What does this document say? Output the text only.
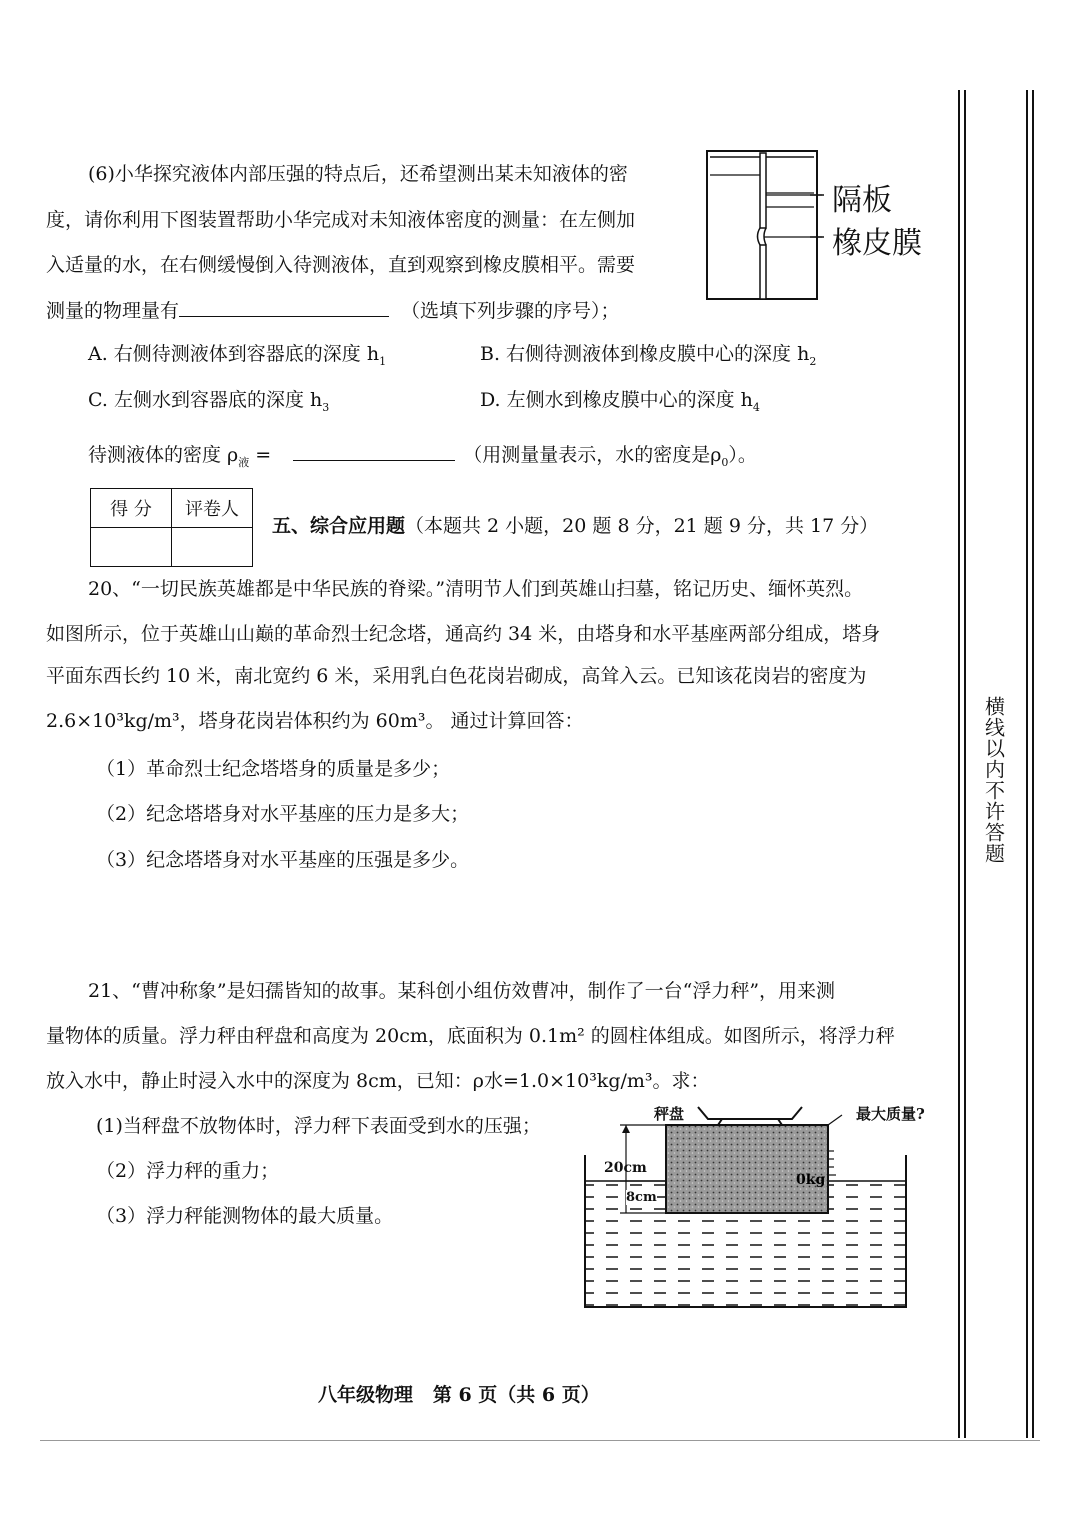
横线以内不许答题
(6)小华探究液体内部压强的特点后，还希望测出某未知液体的密
度，请你利用下图装置帮助小华完成对未知液体密度的测量：在左侧加
入适量的水，在右侧缓慢倒入待测液体，直到观察到橡皮膜相平。需要
测量的物理量有	（选填下列步骤的序号）；
隔板
橡皮膜
A. 右侧待测液体到容器底的深度 $h_1$	B. 右侧待测液体到橡皮膜中心的深度 $h_2$
C. 左侧水到容器底的深度 $h_3$	D. 左侧水到橡皮膜中心的深度 $h_4$
待测液体的密度 $\rho_液$ =	（用测量量表示，水的密度是$\rho_0$）。
得 分	评卷人

五、综合应用题（本题共 2 小题，20 题 8 分，21 题 9 分，共 17 分）
20、“一切民族英雄都是中华民族的脊梁。”清明节人们到英雄山扫墓，铭记历史、缅怀英烈。
如图所示，位于英雄山山巅的革命烈士纪念塔，通高约 34 米，由塔身和水平基座两部分组成，塔身
平面东西长约 10 米，南北宽约 6 米，采用乳白色花岗岩砌成，高耸入云。已知该花岗岩的密度为
2.6×10³kg/m³，塔身花岗岩体积约为 60m³。 通过计算回答：
（1）革命烈士纪念塔塔身的质量是多少；
（2）纪念塔塔身对水平基座的压力是多大；
（3）纪念塔塔身对水平基座的压强是多少。
21、“曹冲称象”是妇孺皆知的故事。某科创小组仿效曹冲，制作了一台“浮力秤”，用来测
量物体的质量。浮力秤由秤盘和高度为 20cm，底面积为 0.1m² 的圆柱体组成。如图所示，将浮力秤
放入水中，静止时浸入水中的深度为 8cm，已知：ρ水=1.0×10³kg/m³。求：
(1)当秤盘不放物体时，浮力秤下表面受到水的压强；
（2）浮力秤的重力；
（3）浮力秤能测物体的最大质量。
秤盘	最大质量?
20cm
8cm
0kg
八年级物理   第 6 页（共 6 页）
